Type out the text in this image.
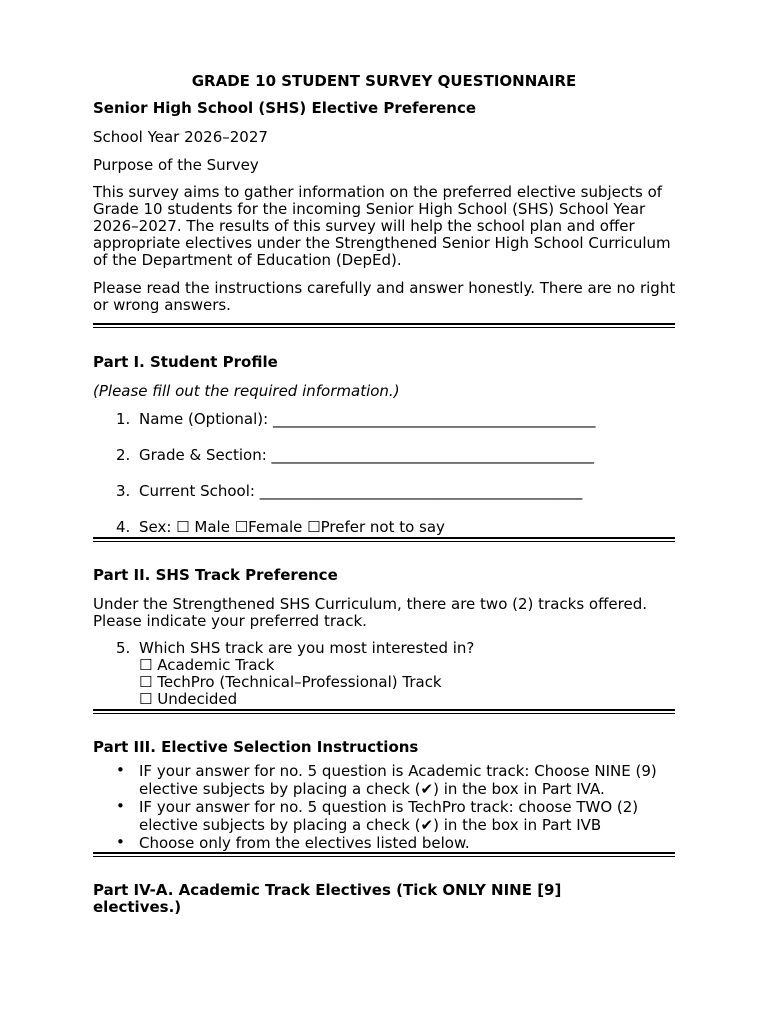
GRADE 10 STUDENT SURVEY QUESTIONNAIRE

Senior High School (SHS) Elective Preference

School Year 2026–2027

Purpose of the Survey

This survey aims to gather information on the preferred elective subjects of Grade 10 students for the incoming Senior High School (SHS) School Year 2026–2027. The results of this survey will help the school plan and offer appropriate electives under the Strengthened Senior High School Curriculum of the Department of Education (DepEd).

Please read the instructions carefully and answer honestly. There are no right or wrong answers.

Part I. Student Profile

(Please fill out the required information.)

1. Name (Optional): ___________________________________________
2. Grade & Section: ___________________________________________
3. Current School: ___________________________________________
4. Sex: ☐ Male ☐Female ☐Prefer not to say

Part II. SHS Track Preference

Under the Strengthened SHS Curriculum, there are two (2) tracks offered. Please indicate your preferred track.

5. Which SHS track are you most interested in?
☐ Academic Track
☐ TechPro (Technical–Professional) Track
☐ Undecided

Part III. Elective Selection Instructions

• IF your answer for no. 5 question is Academic track: Choose NINE (9) elective subjects by placing a check (✔) in the box in Part IVA.

• IF your answer for no. 5 question is TechPro track: choose TWO (2) elective subjects by placing a check (✔) in the box in Part IVB

• Choose only from the electives listed below.

Part IV-A. Academic Track Electives (Tick ONLY NINE [9] electives.)
